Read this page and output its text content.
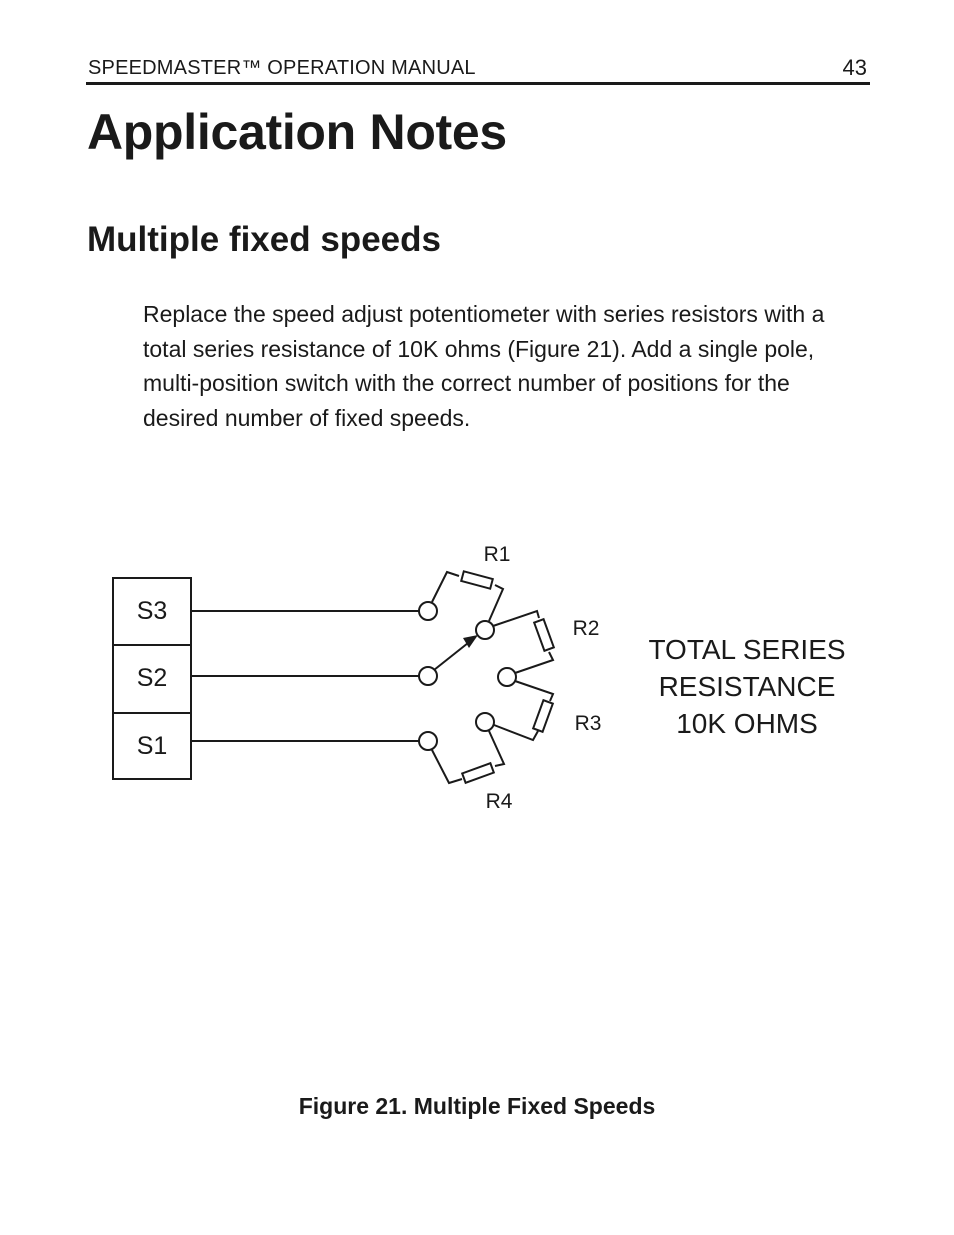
SPEEDMASTER™ OPERATION MANUAL	43
Application Notes
Multiple fixed speeds

Replace the speed adjust potentiometer with series resistors with a total series resistance of 10K ohms (Figure 21). Add a single pole, multi-position switch with the correct number of positions for the desired number of fixed speeds.

S3
S2
S1
R1
R2
R3
R4
TOTAL SERIES
RESISTANCE
10K OHMS
Figure 21. Multiple Fixed Speeds
